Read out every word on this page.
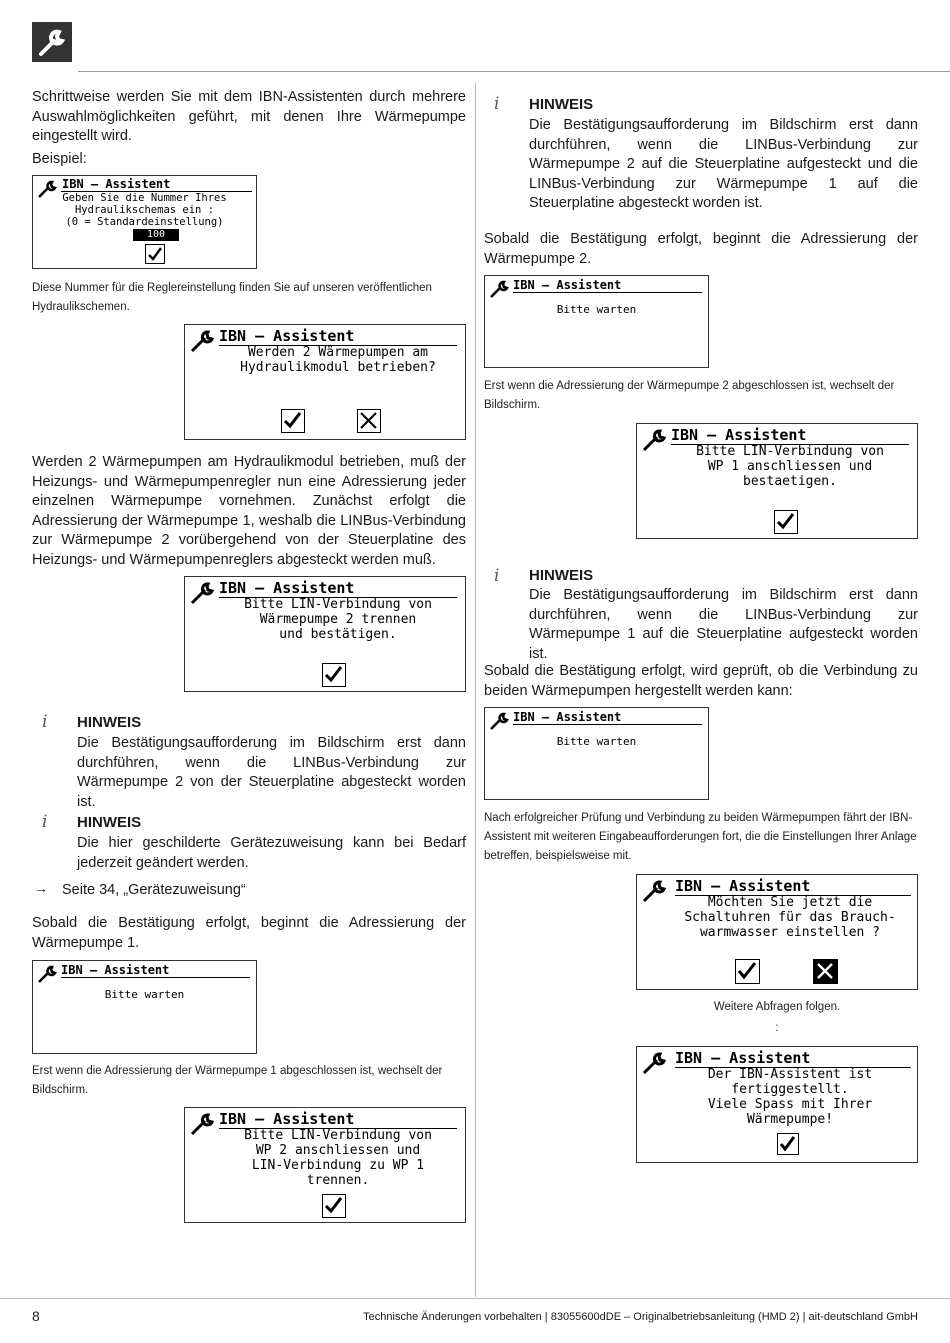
Schrittweise werden Sie mit dem IBN-Assistenten durch mehrere Auswahlmöglichkeiten geführt, mit denen Ihre Wärmepumpe eingestellt wird.

Beispiel:

IBN – Assistent
Geben Sie die Nummer Ihres
Hydraulikschemas ein :
(0 = Standardeinstellung)
100

Diese Nummer für die Reglereinstellung finden Sie auf unseren veröffentlichen Hydraulikschemen.

IBN – Assistent
Werden 2 Wärmepumpen am
Hydraulikmodul betrieben?

Werden 2 Wärmepumpen am Hydraulikmodul betrieben, muß der Heizungs- und Wärmepumpenregler nun eine Adressierung jeder einzelnen Wärmepumpe vornehmen. Zunächst erfolgt die Adressierung der Wärmepumpe 1, weshalb die LINBus-Verbindung zur Wärmepumpe 2 vorübergehend von der Steuerplatine des Heizungs- und Wärmepumpenreglers abgesteckt werden muß.

IBN – Assistent
Bitte LIN-Verbindung von
Wärmepumpe 2 trennen
und bestätigen.
i HINWEIS

Die Bestätigungsaufforderung im Bildschirm erst dann durchführen, wenn die LINBus-Verbindung zur Wärmepumpe 2 von der Steuerplatine abgesteckt worden ist.

i HINWEIS

Die hier geschilderte Gerätezuweisung kann bei Bedarf jederzeit geändert werden.

→ Seite 34, „Gerätezuweisung“

Sobald die Bestätigung erfolgt, beginnt die Adressierung der Wärmepumpe 1.

IBN – Assistent
Bitte warten

Erst wenn die Adressierung der Wärmepumpe 1 abgeschlossen ist, wechselt der Bildschirm.

IBN – Assistent
Bitte LIN-Verbindung von
WP 2 anschliessen und
LIN-Verbindung zu WP 1
trennen.
i HINWEIS

Die Bestätigungsaufforderung im Bildschirm erst dann durchführen, wenn die LINBus-Verbindung zur Wärmepumpe 2 auf die Steuerplatine aufgesteckt und die LINBus-Verbindung zur Wärmepumpe 1 auf die Steuerplatine abgesteckt worden ist.

Sobald die Bestätigung erfolgt, beginnt die Adressierung der Wärmepumpe 2.

IBN – Assistent
Bitte warten

Erst wenn die Adressierung der Wärmepumpe 2 abgeschlossen ist, wechselt der Bildschirm.

IBN – Assistent
Bitte LIN-Verbindung von
WP 1 anschliessen und
bestaetigen.
i HINWEIS

Die Bestätigungsaufforderung im Bildschirm erst dann durchführen, wenn die LINBus-Verbindung zur Wärmepumpe 1 auf die Steuerplatine aufgesteckt worden ist.

Sobald die Bestätigung erfolgt, wird geprüft, ob die Verbindung zu beiden Wärmepumpen hergestellt werden kann:

IBN – Assistent
Bitte warten

Nach erfolgreicher Prüfung und Verbindung zu beiden Wärmepumpen fährt der IBN-Assistent mit weiteren Eingabeaufforderungen fort, die die Einstellungen Ihrer Anlage betreffen, beispielsweise mit.

IBN – Assistent
Möchten Sie jetzt die
Schaltuhren für das Brauch-
warmwasser einstellen ?
Weitere Abfragen folgen.
:
IBN – Assistent
Der IBN-Assistent ist
fertiggestellt.
Viele Spass mit Ihrer
Wärmepumpe!
8	Technische Änderungen vorbehalten | 83055600dDE – Originalbetriebsanleitung (HMD 2) | ait-deutschland GmbH
